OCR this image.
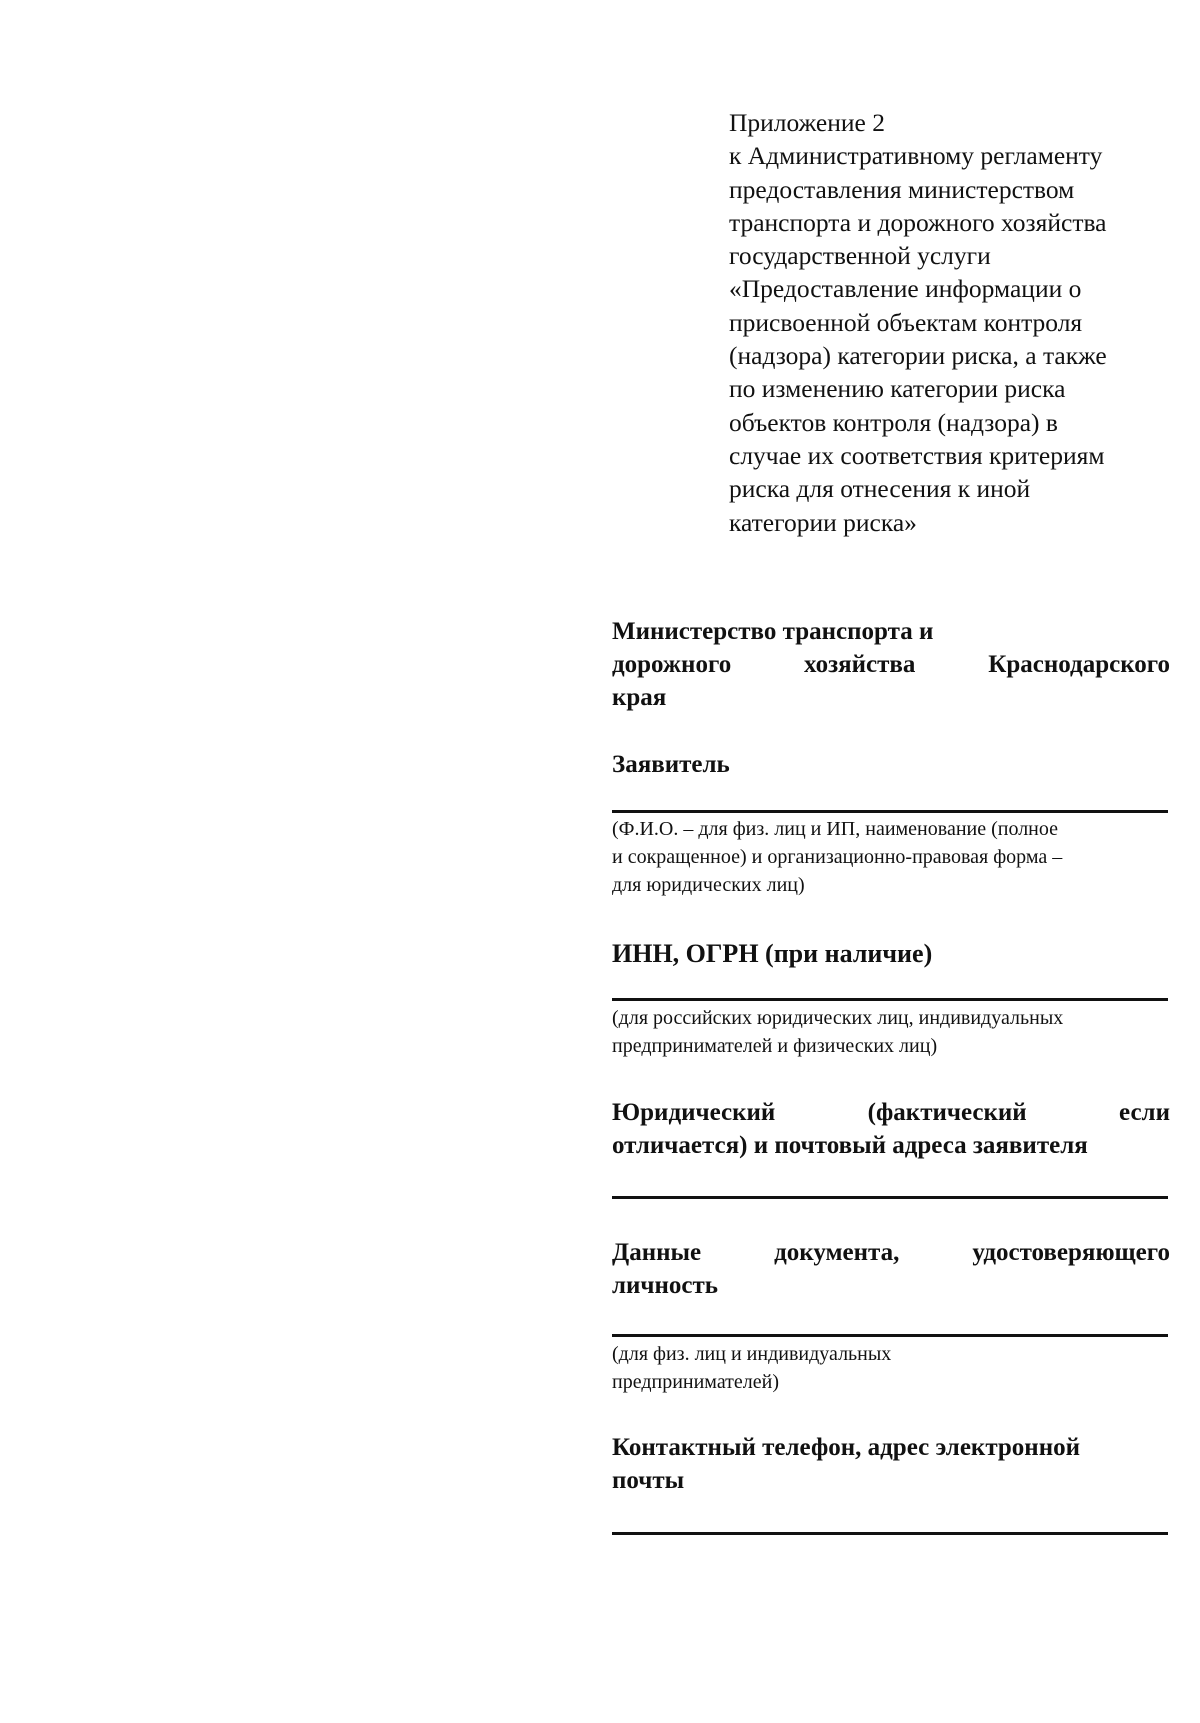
Приложение 2
к Административному регламенту
предоставления министерством
транспорта и дорожного хозяйства
государственной услуги
«Предоставление информации о
присвоенной объектам контроля
(надзора) категории риска, а также
по изменению категории риска
объектов контроля (надзора) в
случае их соответствия критериям
риска для отнесения к иной
категории риска»
Министерство транспорта и
дорожного	хозяйства	Краснодарского
края
Заявитель
(Ф.И.О. – для физ. лиц и ИП, наименование (полное
и сокращенное) и организационно-правовая форма –
для юридических лиц)
ИНН, ОГРН (при наличие)
(для российских юридических лиц, индивидуальных
предпринимателей и физических лиц)
Юридический	(фактический	если
отличается) и почтовый адреса заявителя
Данные	документа,	удостоверяющего
личность
(для физ. лиц и индивидуальных
предпринимателей)
Контактный телефон, адрес электронной
почты
